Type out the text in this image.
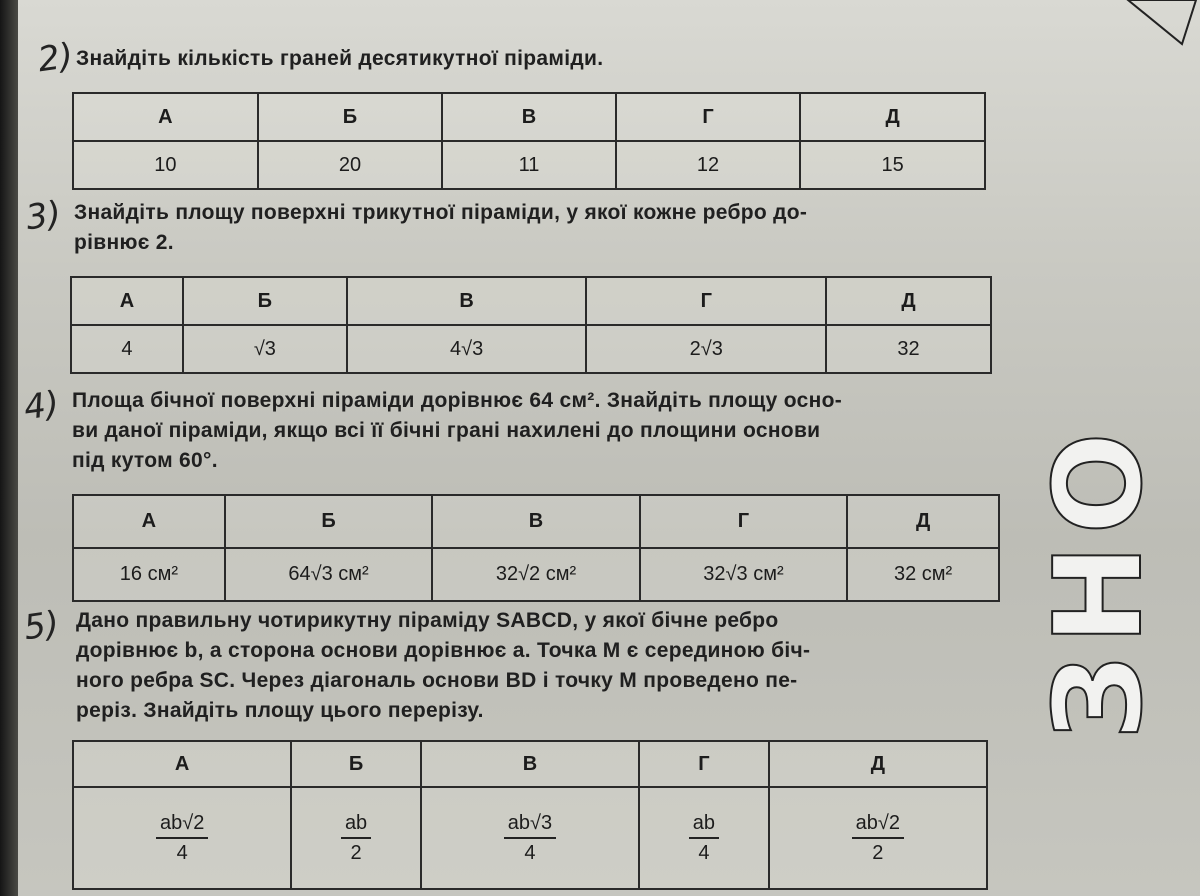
2) Знайдіть кількість граней десятикутної піраміди.
А	Б	В	Г	Д
10	20	11	12	15
3) Знайдіть площу поверхні трикутної піраміди, у якої кожне ребро до-
рівнює 2.
А	Б	В	Г	Д
4	√3	4√3	2√3	32
4) Площа бічної поверхні піраміди дорівнює 64 см². Знайдіть площу осно-
ви даної піраміди, якщо всі її бічні грані нахилені до площини основи
під кутом 60°.
А	Б	В	Г	Д
16 см²	64√3 см²	32√2 см²	32√3 см²	32 см²
5) Дано правильну чотирикутну піраміду SABCD, у якої бічне ребро
дорівнює b, а сторона основи дорівнює a. Точка M є серединою біч-
ного ребра SC. Через діагональ основи BD і точку M проведено пе-
реріз. Знайдіть площу цього перерізу.
А	Б	В	Г	Д

$\frac{ab√2}{4}$	$\frac{ab}{2}$	$\frac{ab√3}{4}$	$\frac{ab}{4}$	$\frac{ab√2}{2}$
ЗНО
